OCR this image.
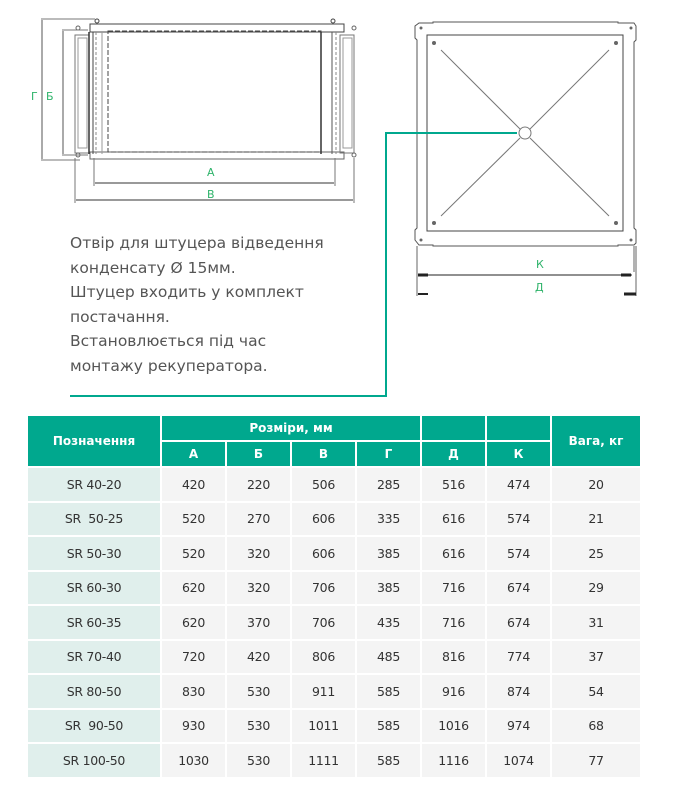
Г Б
А
В
К
Д
Отвір для штуцера відведення
конденсату Ø 15мм.
Штуцер входить у комплект
постачання.
Встановлюється під час
монтажу рекуператора.
Позначення	Розміри, мм						Вага, кг
	А	Б	В	Г	Д	К	
SR 40-20	420	220	506	285	516	474	20
SR  50-25	520	270	606	335	616	574	21
SR 50-30	520	320	606	385	616	574	25
SR 60-30	620	320	706	385	716	674	29
SR 60-35	620	370	706	435	716	674	31
SR 70-40	720	420	806	485	816	774	37
SR 80-50	830	530	911	585	916	874	54
SR  90-50	930	530	1011	585	1016	974	68
SR 100-50	1030	530	1111	585	1116	1074	77
